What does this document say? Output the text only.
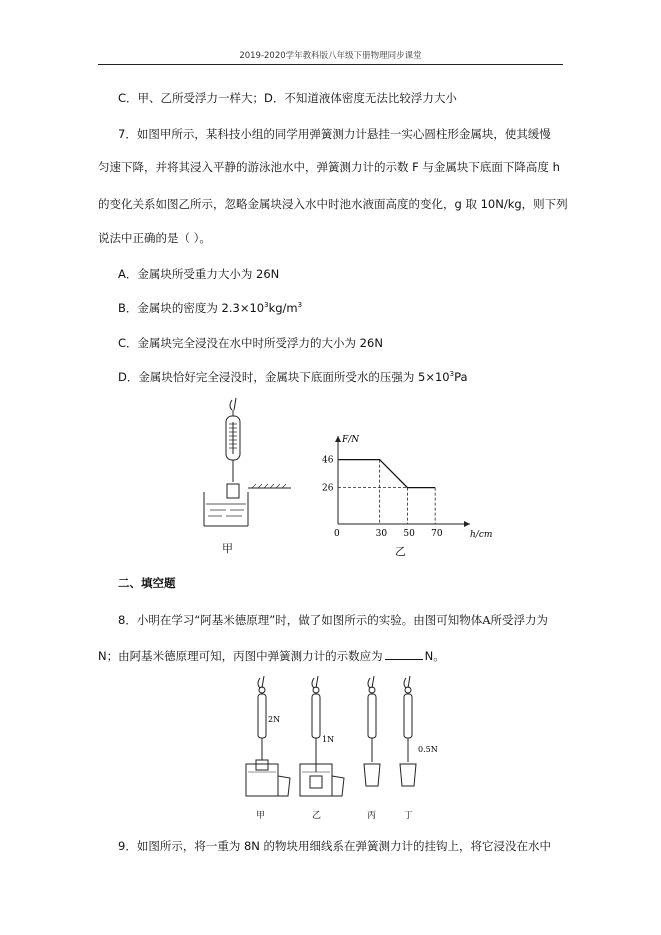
2019-2020学年教科版八年级下册物理同步课堂
C．甲、乙所受浮力一样大；D．不知道液体密度无法比较浮力大小
7．如图甲所示，某科技小组的同学用弹簧测力计悬挂一实心圆柱形金属块，使其缓慢
匀速下降，并将其浸入平静的游泳池水中，弹簧测力计的示数 F 与金属块下底面下降高度 h
的变化关系如图乙所示，忽略金属块浸入水中时池水液面高度的变化，g 取 10N/kg，则下列
说法中正确的是（ ）。
A．金属块所受重力大小为 26N
B．金属块的密度为 $2.3\times 10^3kg/m^3$
C．金属块完全浸没在水中时所受浮力的大小为 26N
D．金属块恰好完全浸没时，金属块下底面所受水的压强为 $5\times 10^3Pa$
甲
F/N
h/cm
0	30 50 70
46
26
乙
二、填空题
8．小明在学习“阿基米德原理”时，做了如图所示的实验。由图可知物体A所受浮力为
N；由阿基米德原理可知，丙图中弹簧测力计的示数应为	N。
2N
1N
0.5N
甲	乙	丙	丁
9．如图所示，将一重为 8N 的物块用细线系在弹簧测力计的挂钩上，将它浸没在水中
